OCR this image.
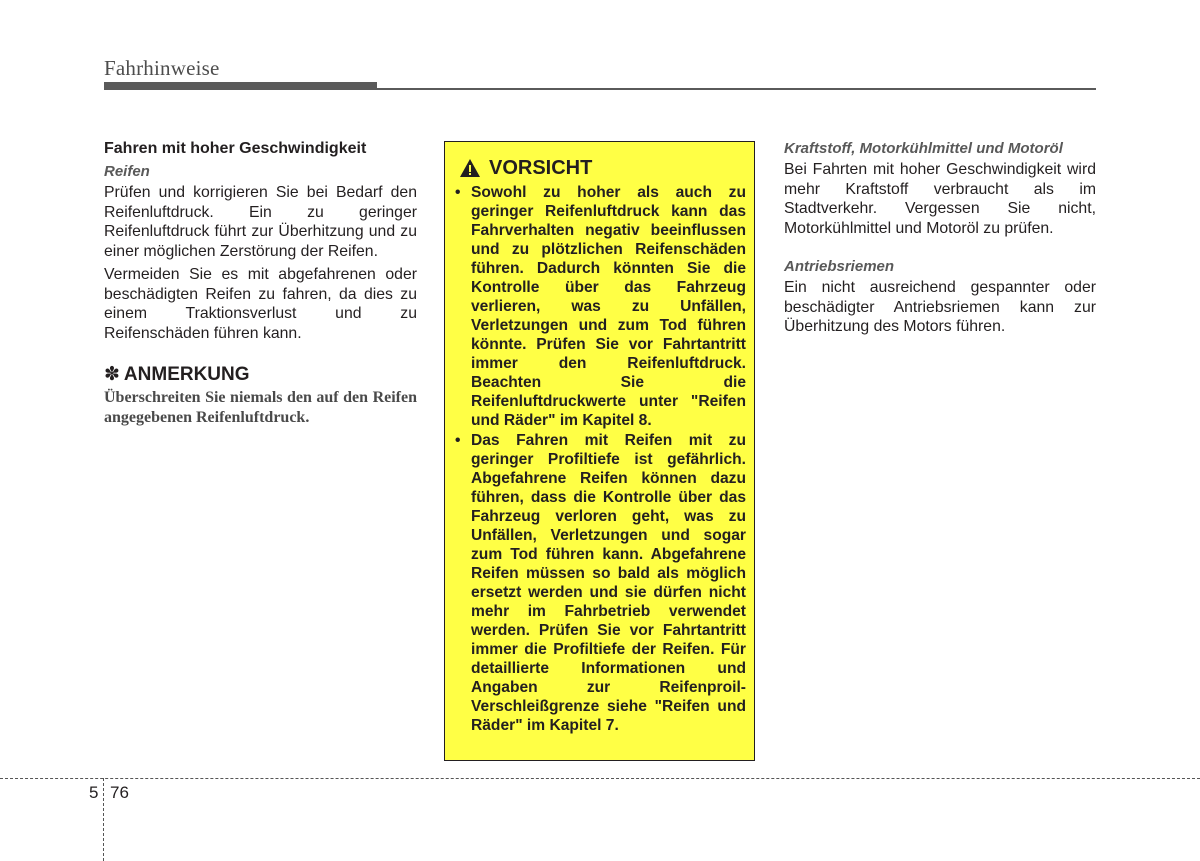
Fahrhinweise
Fahren mit hoher Geschwindigkeit

Reifen

Prüfen und korrigieren Sie bei Bedarf den Reifenluftdruck. Ein zu geringer Reifenluftdruck führt zur Überhitzung und zu einer möglichen Zerstörung der Reifen.

Vermeiden Sie es mit abgefahrenen oder beschädigten Reifen zu fahren, da dies zu einem Traktionsverlust und zu Reifenschäden führen kann.

✽ ANMERKUNG

Überschreiten Sie niemals den auf den Reifen angegebenen Reifenluftdruck.

VORSICHT
• Sowohl zu hoher als auch zu geringer Reifenluftdruck kann das Fahrverhalten negativ beeinflussen und zu plötzlichen Reifenschäden führen. Dadurch könnten Sie die Kontrolle über das Fahrzeug verlieren, was zu Unfällen, Verletzungen und zum Tod führen könnte. Prüfen Sie vor Fahrtantritt immer den Reifenluftdruck. Beachten Sie die Reifenluftdruckwerte unter "Reifen und Räder" im Kapitel 8.
• Das Fahren mit Reifen mit zu geringer Profiltiefe ist gefährlich. Abgefahrene Reifen können dazu führen, dass die Kontrolle über das Fahrzeug verloren geht, was zu Unfällen, Verletzungen und sogar zum Tod führen kann. Abgefahrene Reifen müssen so bald als möglich ersetzt werden und sie dürfen nicht mehr im Fahrbetrieb verwendet werden. Prüfen Sie vor Fahrtantritt immer die Profiltiefe der Reifen. Für detaillierte Informationen und Angaben zur Reifenproil-Verschleißgrenze siehe "Reifen und Räder" im Kapitel 7.

Kraftstoff, Motorkühlmittel und Motoröl

Bei Fahrten mit hoher Geschwindigkeit wird mehr Kraftstoff verbraucht als im Stadtverkehr. Vergessen Sie nicht, Motorkühlmittel und Motoröl zu prüfen.

Antriebsriemen

Ein nicht ausreichend gespannter oder beschädigter Antriebsriemen kann zur Überhitzung des Motors führen.

5 76
